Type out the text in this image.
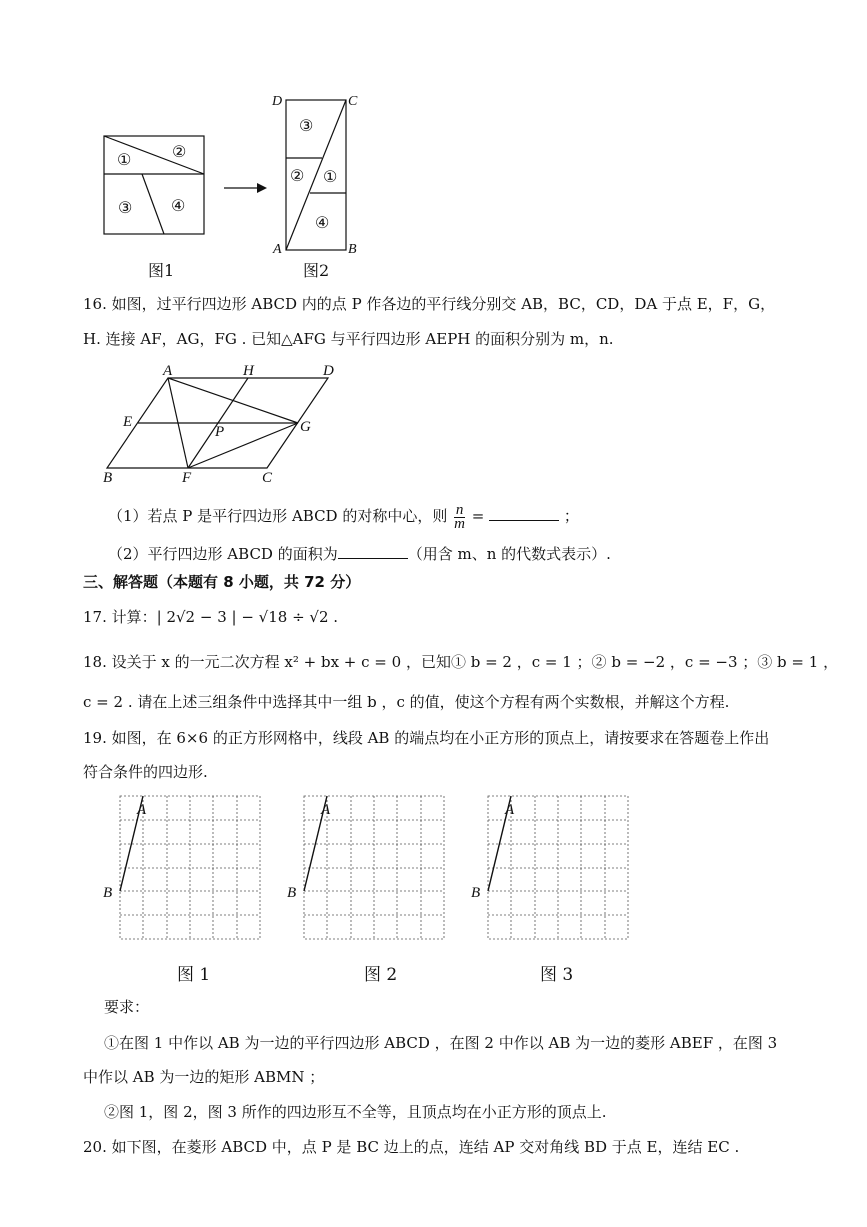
①	②
③ ④
③
② ①
④
D	C
A	B
图1	图2
16. 如图，过平行四边形 ABCD 内的点 P 作各边的平行线分别交 AB，BC，CD，DA 于点 E，F，G，
H. 连接 AF，AG，FG . 已知△AFG 与平行四边形 AEPH 的面积分别为 m，n.
A	H	D
E
P	G
B	F	C
（1）若点 P 是平行四边形 ABCD 的对称中心，则 $\frac{n}{m}$ =	；
（2）平行四边形 ABCD 的面积为	（用含 m、n 的代数式表示）.
三、解答题（本题有 8 小题，共 72 分）
17. 计算：| 2√2 − 3 | − √18 ÷ √2 .
18. 设关于 x 的一元二次方程 x² + bx + c = 0 ，已知① b = 2 ，c = 1 ；② b = −2 ，c = −3 ；③ b = 1 ，
c = 2 . 请在上述三组条件中选择其中一组 b ，c 的值，使这个方程有两个实数根，并解这个方程.
19. 如图，在 6×6 的正方形网格中，线段 AB 的端点均在小正方形的顶点上，请按要求在答题卷上作出
符合条件的四边形.
A
B
A
B
A
B
图 1	图 2	图 3
要求：
①在图 1 中作以 AB 为一边的平行四边形 ABCD ，在图 2 中作以 AB 为一边的菱形 ABEF ，在图 3
中作以 AB 为一边的矩形 ABMN ；
②图 1，图 2，图 3 所作的四边形互不全等，且顶点均在小正方形的顶点上.
20. 如下图，在菱形 ABCD 中，点 P 是 BC 边上的点，连结 AP 交对角线 BD 于点 E，连结 EC .
